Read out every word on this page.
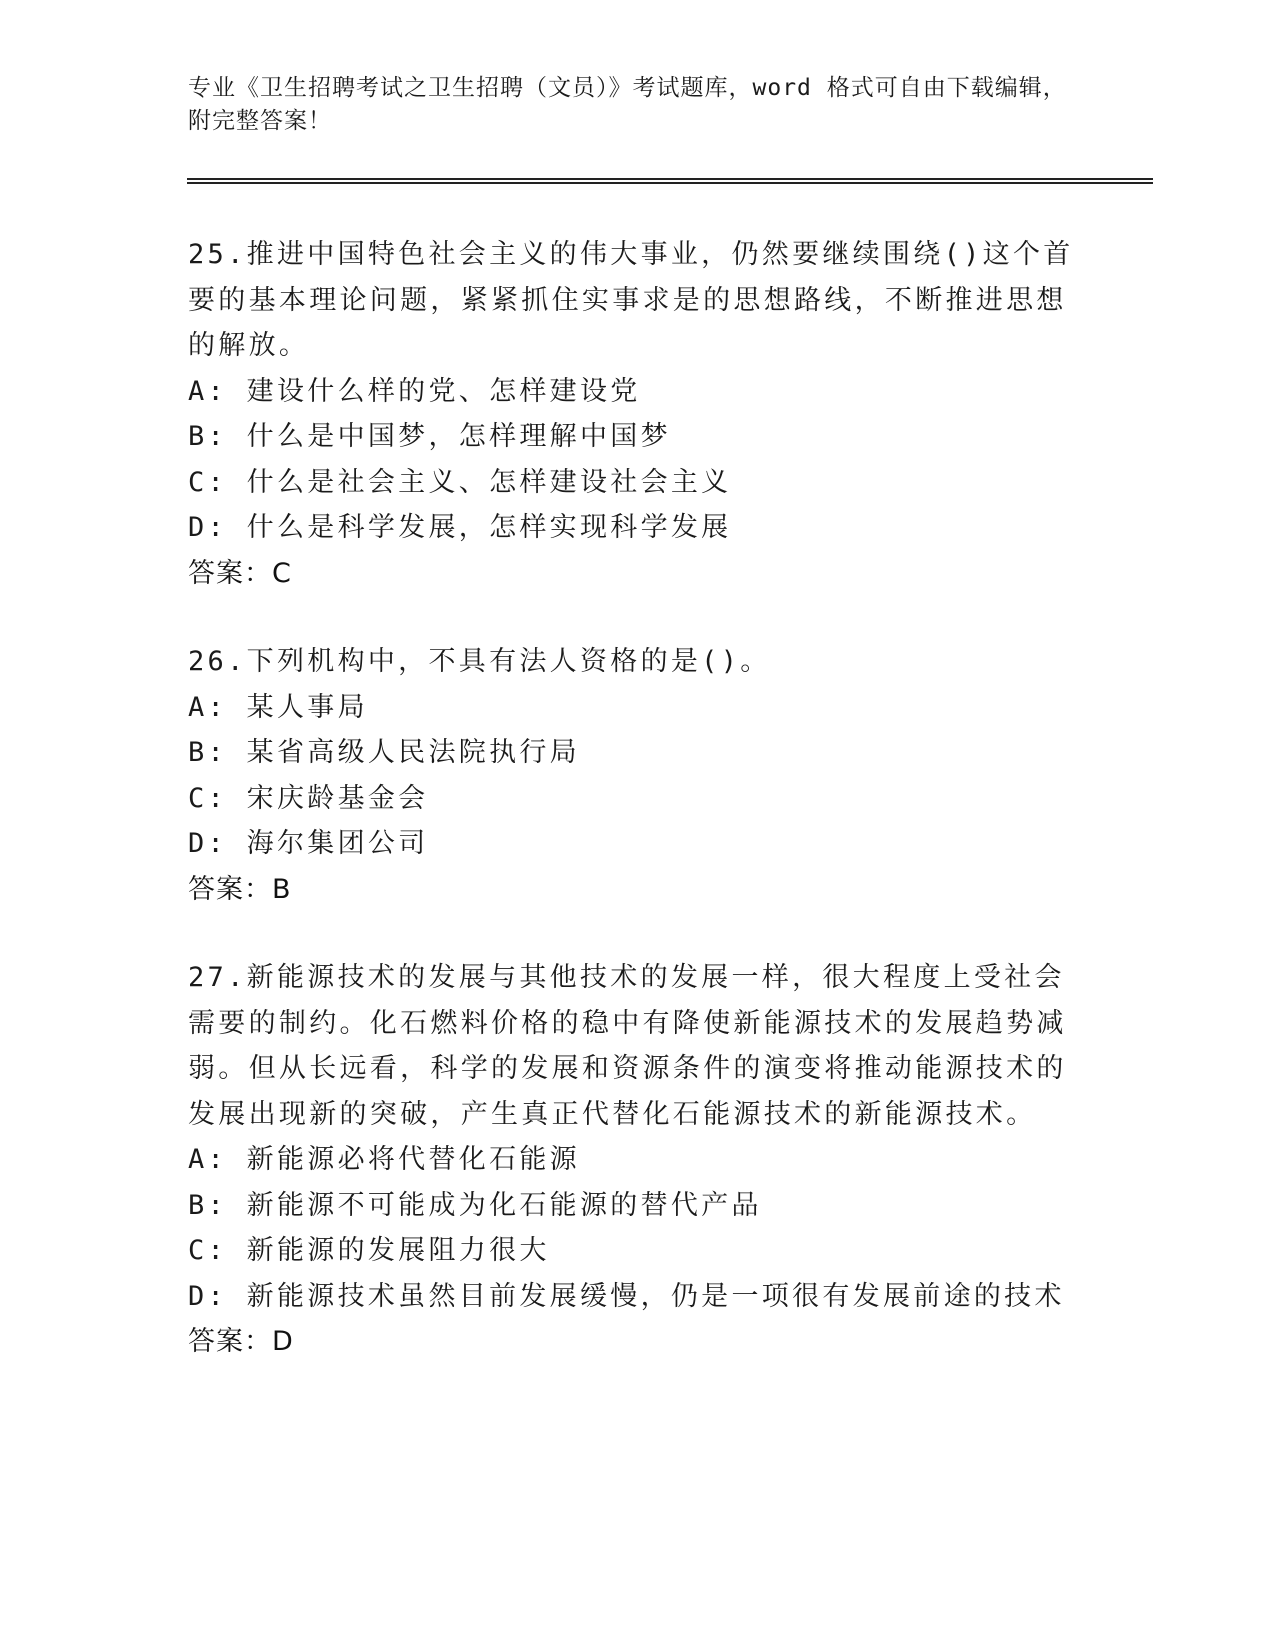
专业《卫生招聘考试之卫生招聘（文员）》考试题库，word 格式可自由下载编辑，附完整答案！

25.推进中国特色社会主义的伟大事业，仍然要继续围绕()这个首要的基本理论问题，紧紧抓住实事求是的思想路线，不断推进思想的解放。

A: 建设什么样的党、怎样建设党

B: 什么是中国梦，怎样理解中国梦

C: 什么是社会主义、怎样建设社会主义

D: 什么是科学发展，怎样实现科学发展

答案：C

26.下列机构中，不具有法人资格的是()。

A: 某人事局

B: 某省高级人民法院执行局

C: 宋庆龄基金会

D: 海尔集团公司

答案：B

27.新能源技术的发展与其他技术的发展一样，很大程度上受社会需要的制约。化石燃料价格的稳中有降使新能源技术的发展趋势减弱。但从长远看，科学的发展和资源条件的演变将推动能源技术的发展出现新的突破，产生真正代替化石能源技术的新能源技术。

A: 新能源必将代替化石能源

B: 新能源不可能成为化石能源的替代产品

C: 新能源的发展阻力很大

D: 新能源技术虽然目前发展缓慢，仍是一项很有发展前途的技术

答案：D
